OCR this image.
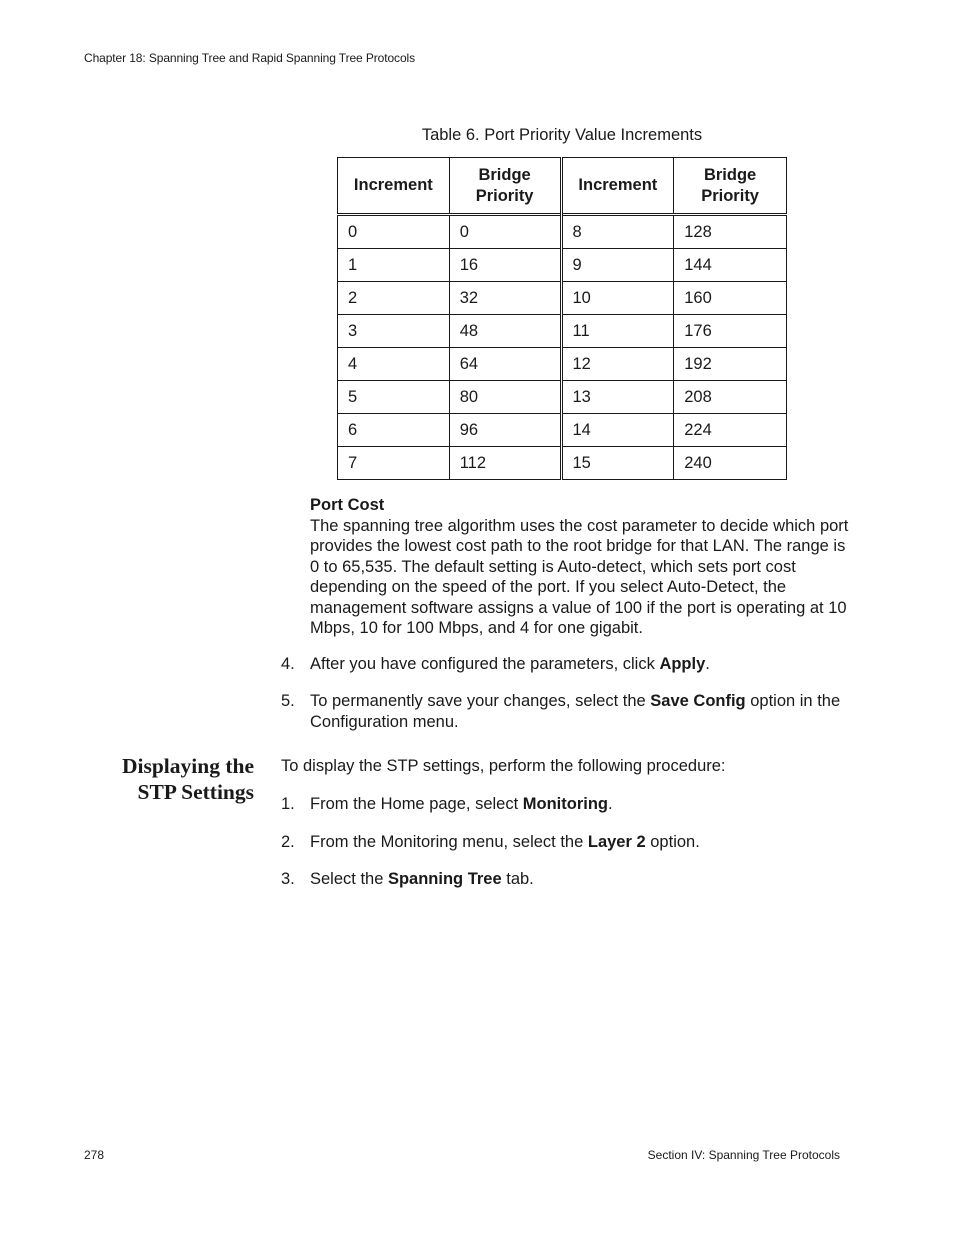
Chapter 18: Spanning Tree and Rapid Spanning Tree Protocols
Table 6. Port Priority Value Increments
Increment	Bridge Priority	Increment	Bridge Priority
0	0	8	128
1	16	9	144
2	32	10	160
3	48	11	176
4	64	12	192
5	80	13	208
6	96	14	224
7	112	15	240
Port Cost
The spanning tree algorithm uses the cost parameter to decide which port provides the lowest cost path to the root bridge for that LAN. The range is 0 to 65,535. The default setting is Auto-detect, which sets port cost depending on the speed of the port. If you select Auto-Detect, the management software assigns a value of 100 if the port is operating at 10 Mbps, 10 for 100 Mbps, and 4 for one gigabit.
4. After you have configured the parameters, click Apply.
5. To permanently save your changes, select the Save Config option in the Configuration menu.
Displaying the
STP Settings
To display the STP settings, perform the following procedure:
1. From the Home page, select Monitoring.
2. From the Monitoring menu, select the Layer 2 option.
3. Select the Spanning Tree tab.
278	Section IV: Spanning Tree Protocols
